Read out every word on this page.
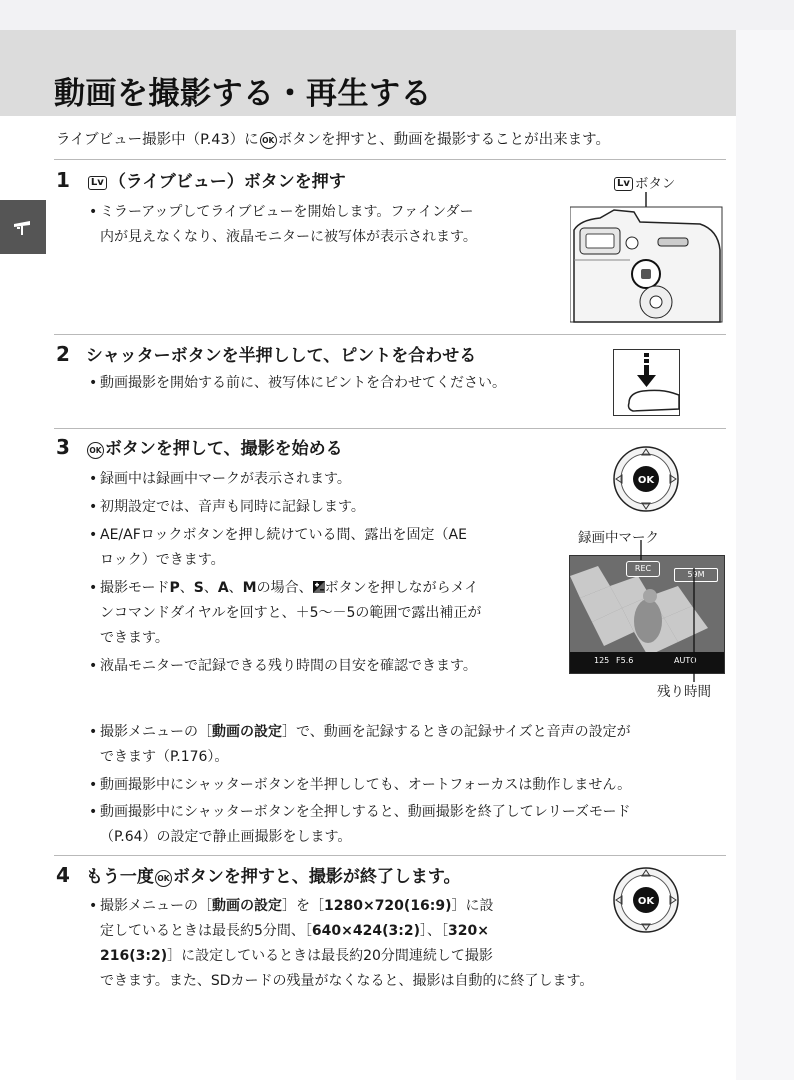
動画を撮影する・再生する
ライブビュー撮影中（P.43）に OK ボタンを押すと、動画を撮影することが出来ます。
1 Lv （ライブビュー）ボタンを押す
• ミラーアップしてライブビューを開始します。ファインダー
内が見えなくなり、液晶モニターに被写体が表示されます。
Lv ボタン
2 シャッターボタンを半押しして、ピントを合わせる
• 動画撮影を開始する前に、被写体にピントを合わせてください。
3	OK ボタンを押して、撮影を始める
• 録画中は録画中マークが表示されます。
• 初期設定では、音声も同時に記録します。
• AE/AFロックボタンを押し続けている間、露出を固定（AE
ロック）できます。
• 撮影モードP、S、A、Mの場合、 ボタンを押しながらメイ
ンコマンドダイヤルを回すと、＋5～－5の範囲で露出補正が
できます。
• 液晶モニターで記録できる残り時間の目安を確認できます。
OK
録画中マーク
残り時間
REC
59M
125 F5.6	AUTO
• 撮影メニューの［動画の設定］で、動画を記録するときの記録サイズと音声の設定が
できます（P.176）。
• 動画撮影中にシャッターボタンを半押ししても、オートフォーカスは動作しません。
• 動画撮影中にシャッターボタンを全押しすると、動画撮影を終了してレリーズモード
（P.64）の設定で静止画撮影をします。
4 もう一度 OK ボタンを押すと、撮影が終了します。
• 撮影メニューの［動画の設定］を［1280×720(16:9)］に設
定しているときは最長約5分間、［640×424(3:2)］、［320×
216(3:2)］に設定しているときは最長約20分間連続して撮影
できます。また、SDカードの残量がなくなると、撮影は自動的に終了します。
OK
